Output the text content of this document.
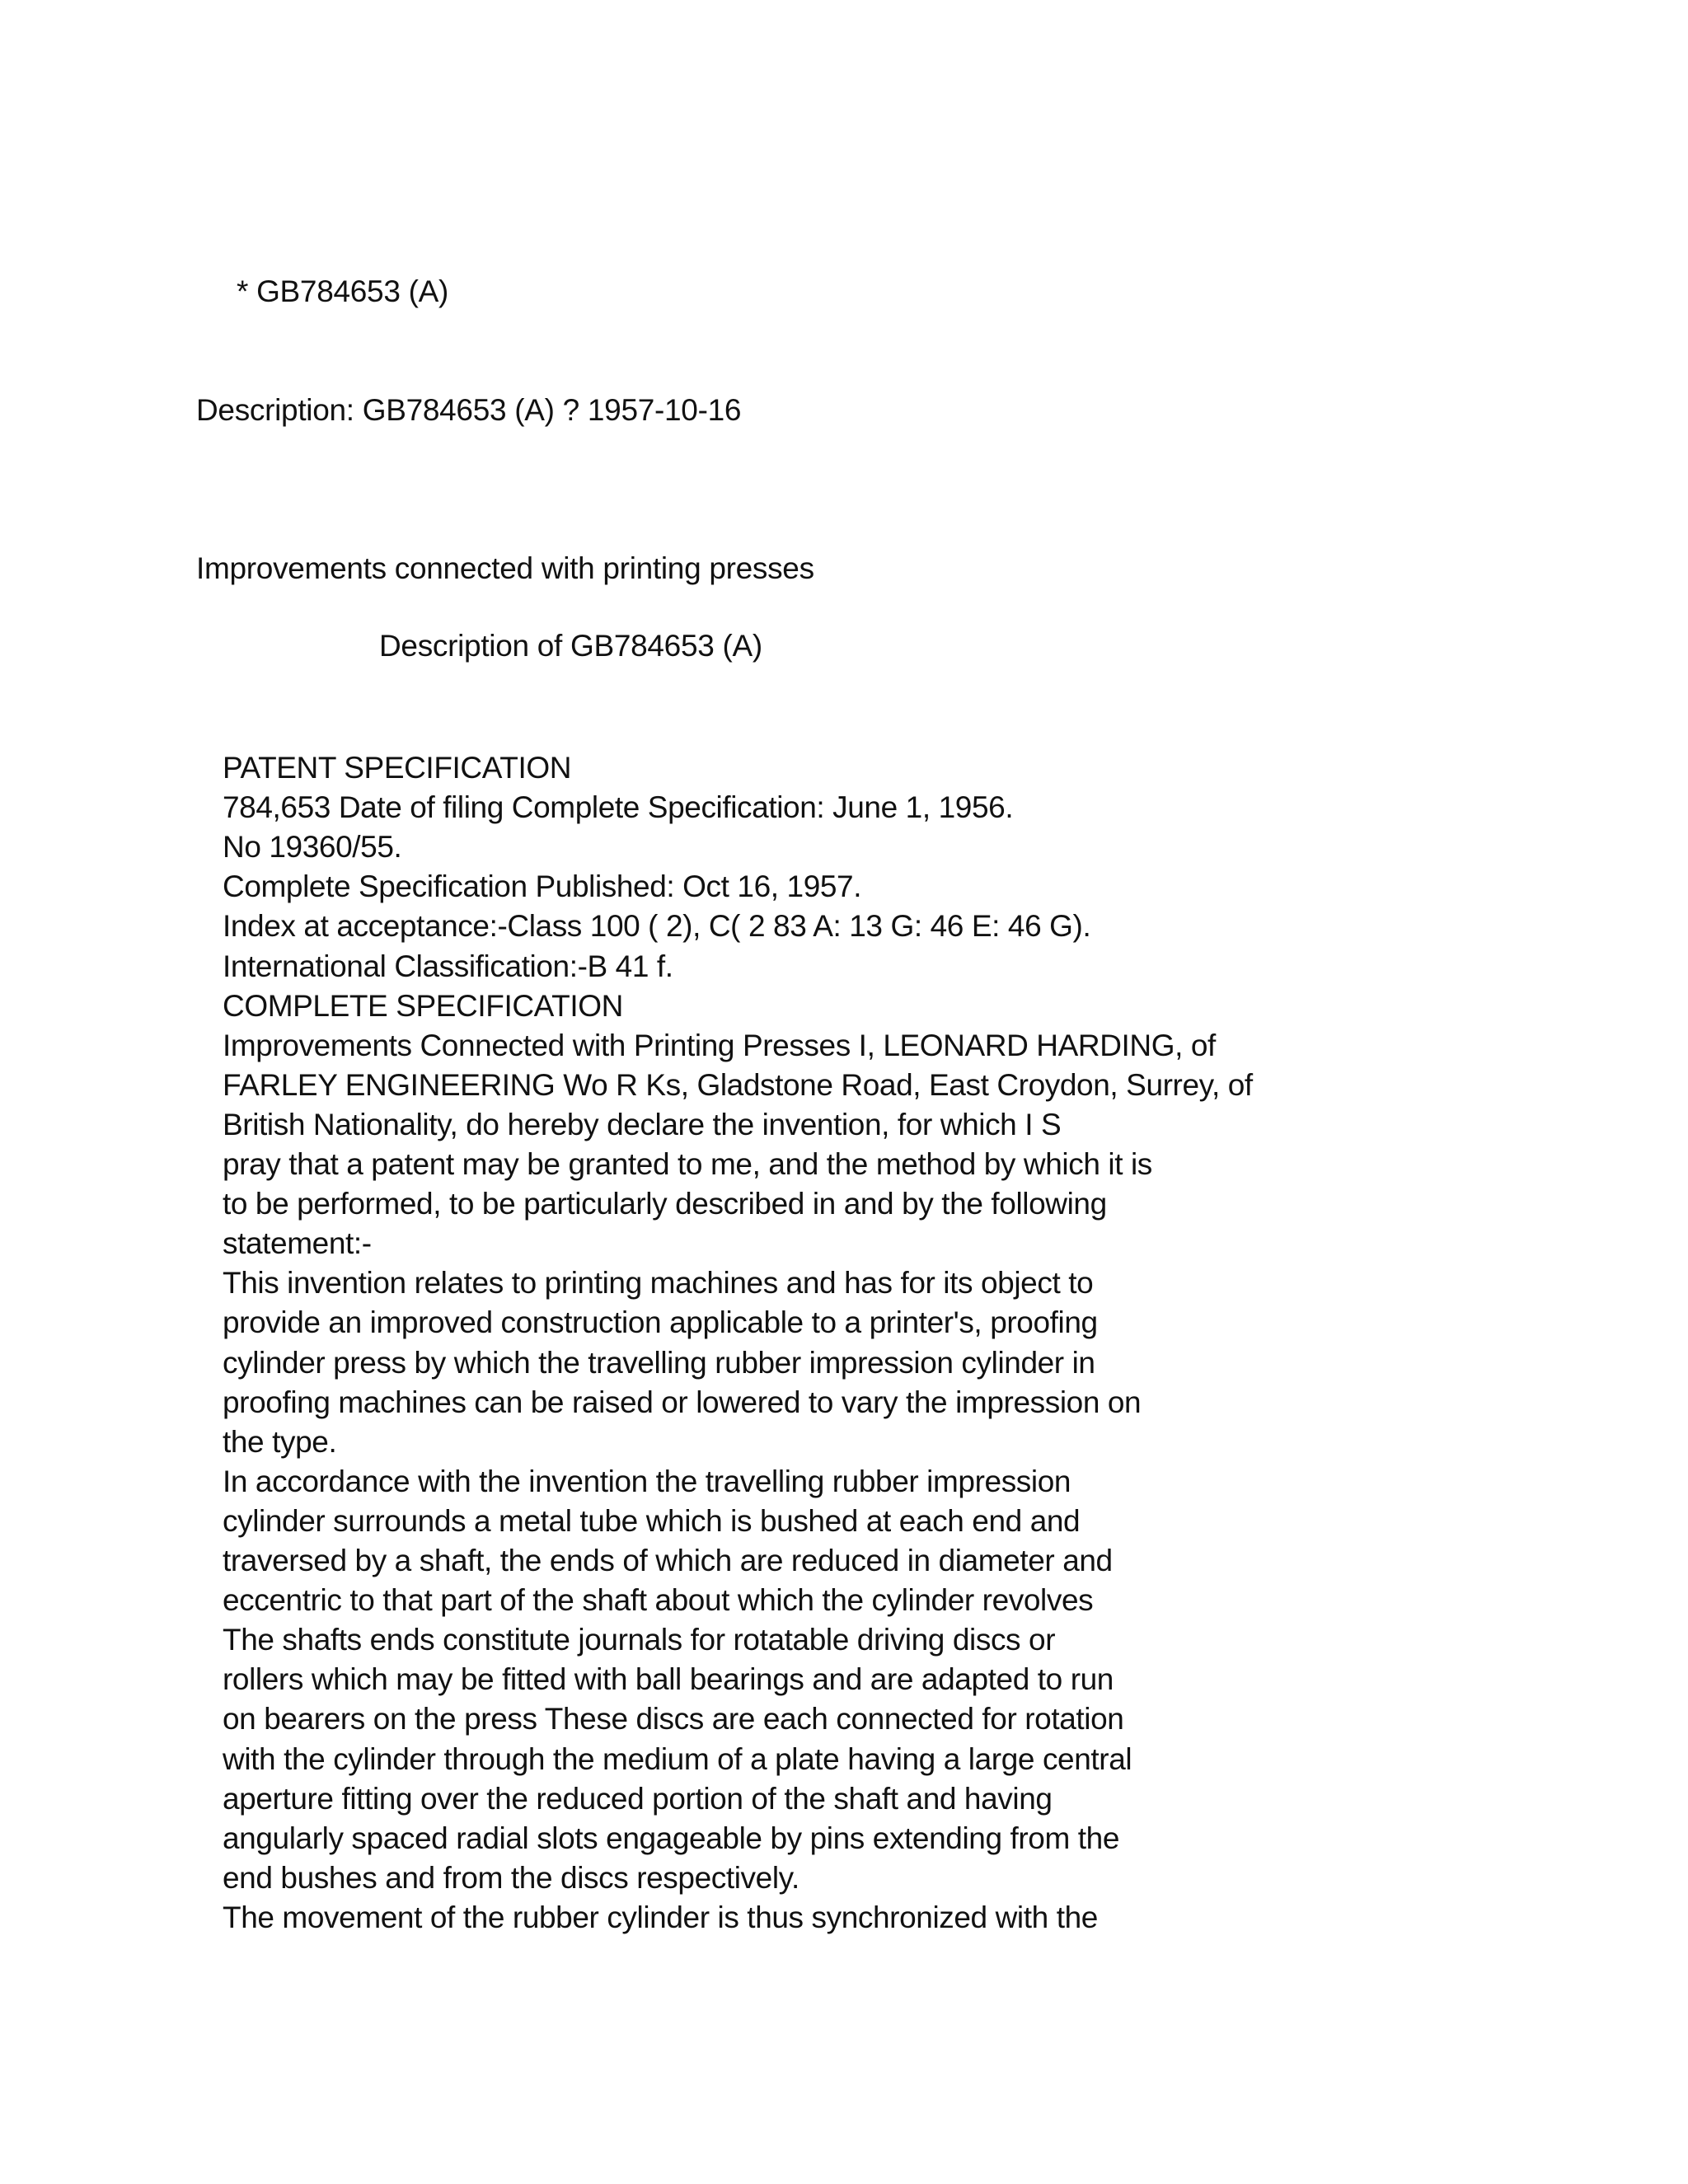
* GB784653 (A)
Description: GB784653 (A) ? 1957-10-16
Improvements connected with printing presses
Description of GB784653 (A)
PATENT SPECIFICATION
784,653 Date of filing Complete Specification: June 1, 1956.
No 19360/55.
Complete Specification Published: Oct 16, 1957.
Index at acceptance:-Class 100 ( 2), C( 2 83 A: 13 G: 46 E: 46 G).
International Classification:-B 41 f.
COMPLETE SPECIFICATION
Improvements Connected with Printing Presses I, LEONARD HARDING, of
FARLEY ENGINEERING Wo R Ks, Gladstone Road, East Croydon, Surrey, of
British Nationality, do hereby declare the invention, for which I S
pray that a patent may be granted to me, and the method by which it is
to be performed, to be particularly described in and by the following
statement:-
This invention relates to printing machines and has for its object to
provide an improved construction applicable to a printer's, proofing
cylinder press by which the travelling rubber impression cylinder in
proofing machines can be raised or lowered to vary the impression on
the type.
In accordance with the invention the travelling rubber impression
cylinder surrounds a metal tube which is bushed at each end and
traversed by a shaft, the ends of which are reduced in diameter and
eccentric to that part of the shaft about which the cylinder revolves
The shafts ends constitute journals for rotatable driving discs or
rollers which may be fitted with ball bearings and are adapted to run
on bearers on the press These discs are each connected for rotation
with the cylinder through the medium of a plate having a large central
aperture fitting over the reduced portion of the shaft and having
angularly spaced radial slots engageable by pins extending from the
end bushes and from the discs respectively.
The movement of the rubber cylinder is thus synchronized with the
